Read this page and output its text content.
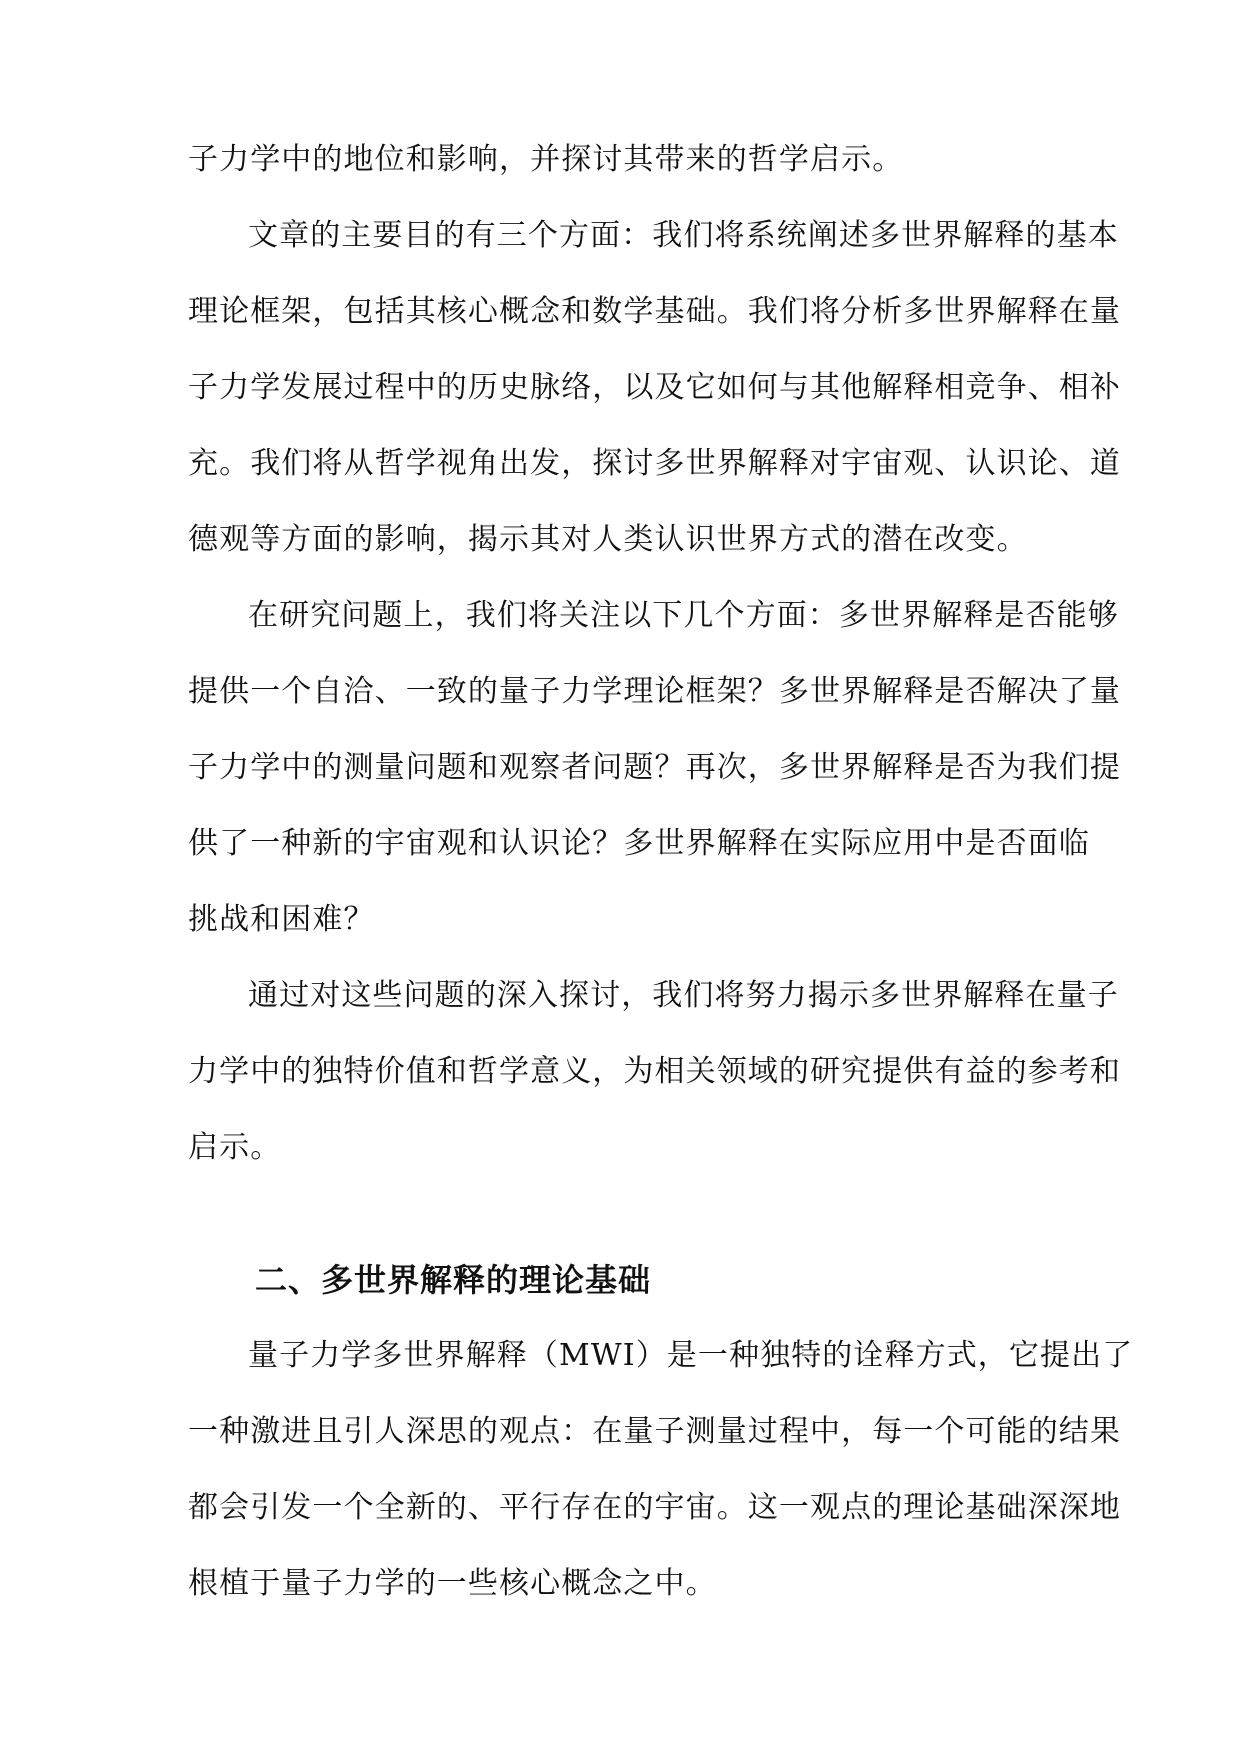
子力学中的地位和影响，并探讨其带来的哲学启示。

文章的主要目的有三个方面：我们将系统阐述多世界解释的基本
理论框架，包括其核心概念和数学基础。我们将分析多世界解释在量
子力学发展过程中的历史脉络，以及它如何与其他解释相竞争、相补
充。我们将从哲学视角出发，探讨多世界解释对宇宙观、认识论、道
德观等方面的影响，揭示其对人类认识世界方式的潜在改变。

在研究问题上，我们将关注以下几个方面：多世界解释是否能够
提供一个自洽、一致的量子力学理论框架？多世界解释是否解决了量
子力学中的测量问题和观察者问题？再次，多世界解释是否为我们提
供了一种新的宇宙观和认识论？多世界解释在实际应用中是否面临
挑战和困难？

通过对这些问题的深入探讨，我们将努力揭示多世界解释在量子
力学中的独特价值和哲学意义，为相关领域的研究提供有益的参考和
启示。

二、多世界解释的理论基础

量子力学多世界解释（MWI）是一种独特的诠释方式，它提出了
一种激进且引人深思的观点：在量子测量过程中，每一个可能的结果
都会引发一个全新的、平行存在的宇宙。这一观点的理论基础深深地
根植于量子力学的一些核心概念之中。
